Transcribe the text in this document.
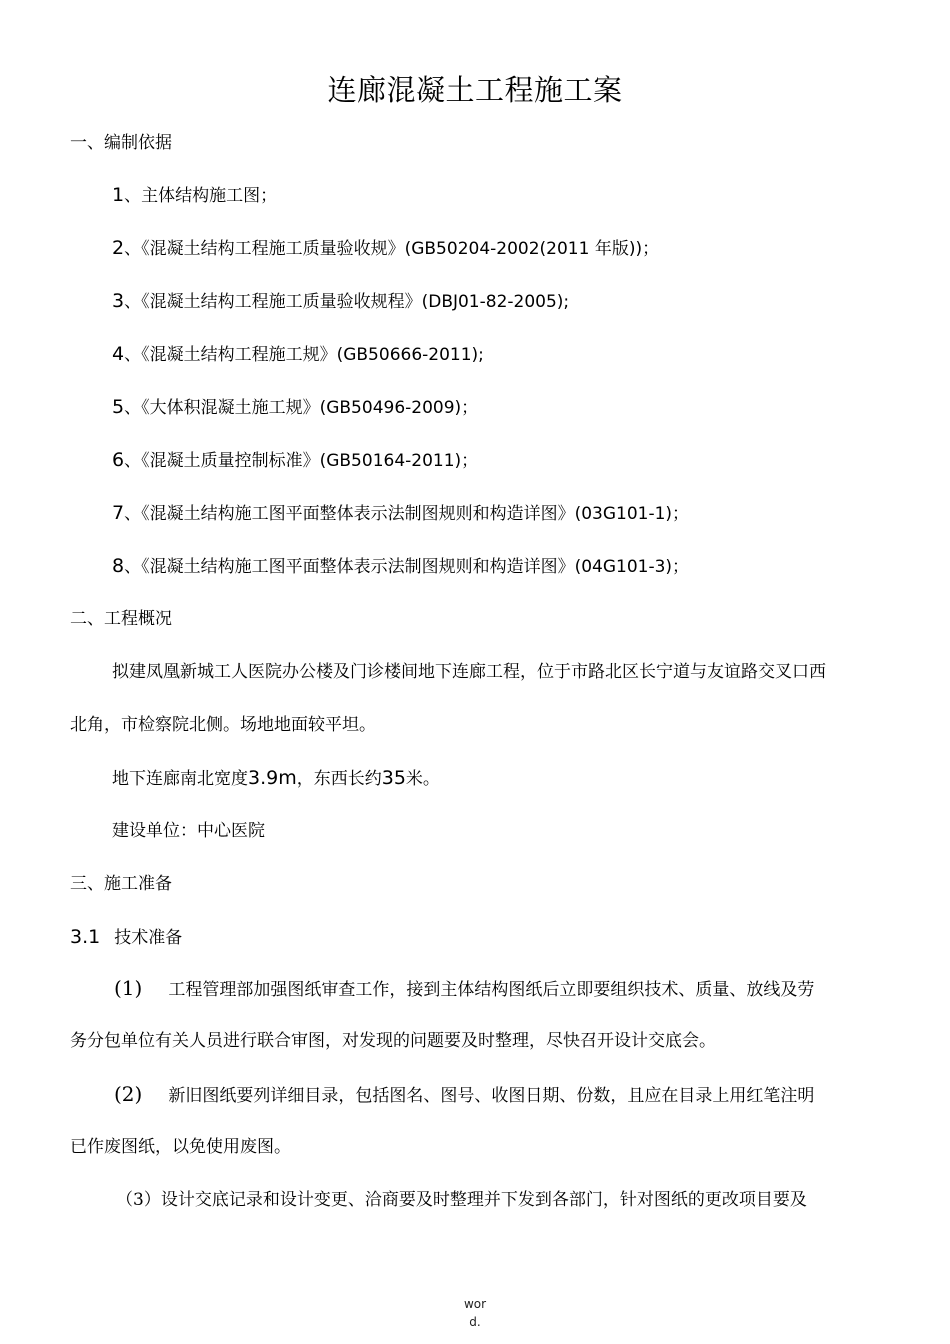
连廊混凝土工程施工案
一、编制依据
1、主体结构施工图；
2、《混凝土结构工程施工质量验收规》(GB50204-2002(2011 年版))；
3、《混凝土结构工程施工质量验收规程》(DBJ01-82-2005);
4、《混凝土结构工程施工规》(GB50666-2011);
5、《大体积混凝土施工规》(GB50496-2009)；
6、《混凝土质量控制标准》(GB50164-2011)；
7、《混凝土结构施工图平面整体表示法制图规则和构造详图》(03G101-1)；
8、《混凝土结构施工图平面整体表示法制图规则和构造详图》(04G101-3)；
二、工程概况
拟建凤凰新城工人医院办公楼及门诊楼间地下连廊工程，位于市路北区长宁道与友谊路交叉口西
北角，市检察院北侧。场地地面较平坦。
地下连廊南北宽度3.9m，东西长约35米。
建设单位：中心医院
三、施工准备
3.1 技术准备
(1) 工程管理部加强图纸审查工作，接到主体结构图纸后立即要组织技术、质量、放线及劳
务分包单位有关人员进行联合审图，对发现的问题要及时整理，尽快召开设计交底会。
(2) 新旧图纸要列详细目录，包括图名、图号、收图日期、份数，且应在目录上用红笔注明
已作废图纸，以免使用废图。
（3）设计交底记录和设计变更、洽商要及时整理并下发到各部门，针对图纸的更改项目要及
wor
d.
